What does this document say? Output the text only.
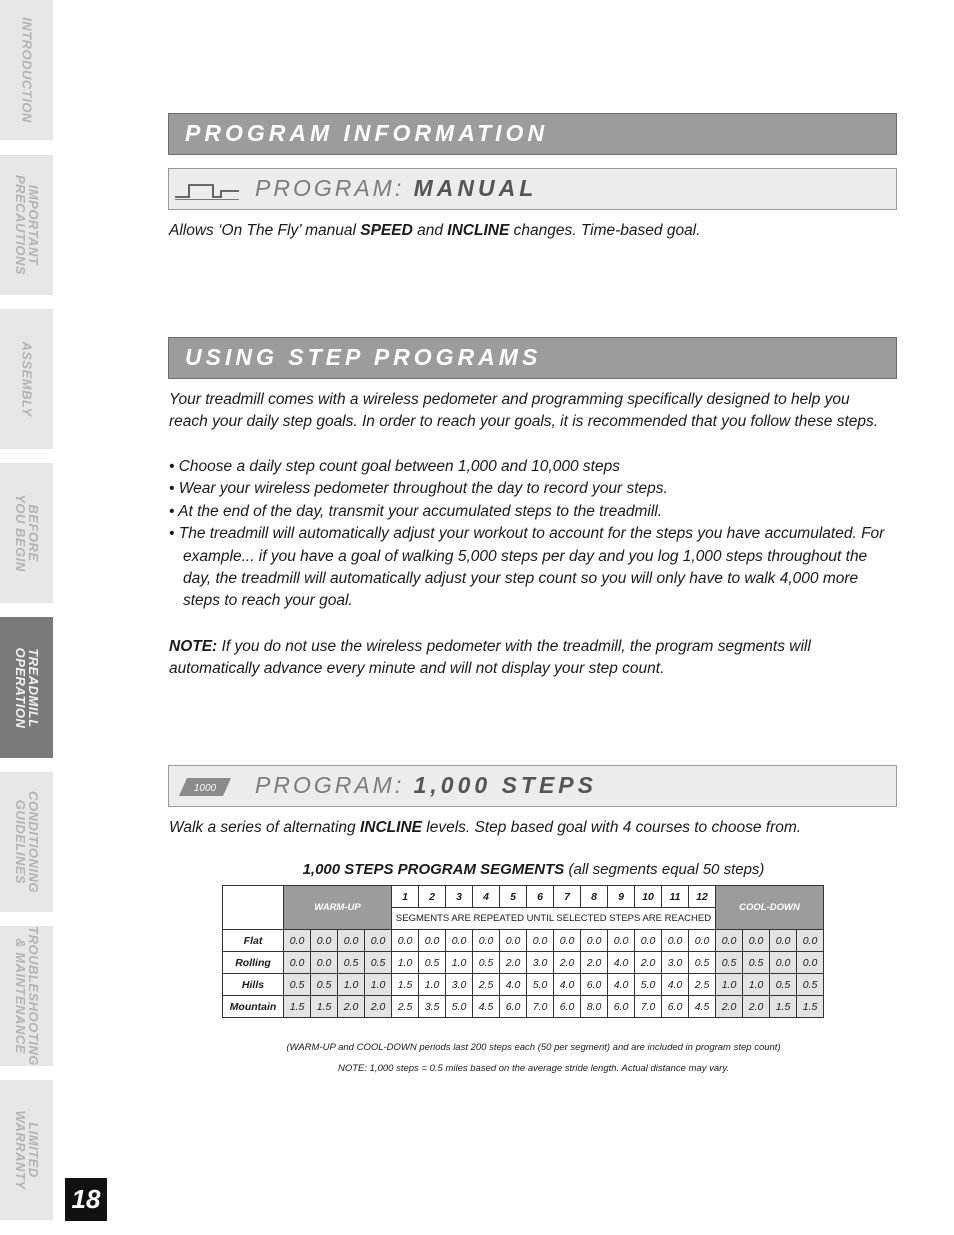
INTRODUCTION
IMPORTANT
PRECAUTIONS
ASSEMBLY
BEFORE
YOU BEGIN
TREADMILL
OPERATION
CONDITIONING
GUIDELINES
TROUBLESHOOTING
& MAINTENANCE
LIMITED
WARRANTY
18
PROGRAM INFORMATION
PROGRAM: MANUAL
Allows ‘On The Fly’ manual SPEED and INCLINE changes. Time-based goal.
USING STEP PROGRAMS
Your treadmill comes with a wireless pedometer and programming specifically designed to help you reach your daily step goals. In order to reach your goals, it is recommended that you follow these steps.
• Choose a daily step count goal between 1,000 and 10,000 steps
• Wear your wireless pedometer throughout the day to record your steps.
• At the end of the day, transmit your accumulated steps to the treadmill.
• The treadmill will automatically adjust your workout to account for the steps you have accumulated. For example... if you have a goal of walking 5,000 steps per day and you log 1,000 steps throughout the day, the treadmill will automatically adjust your step count so you will only have to walk 4,000 more steps to reach your goal.
NOTE: If you do not use the wireless pedometer with the treadmill, the program segments will automatically advance every minute and will not display your step count.
1000 PROGRAM: 1,000 STEPS
Walk a series of alternating INCLINE levels. Step based goal with 4 courses to choose from.
1,000 STEPS PROGRAM SEGMENTS (all segments equal 50 steps)
	WARM-UP				1	2	3	4	5	6	7	8	9	10	11	12	COOL-DOWN			
					SEGMENTS ARE REPEATED UNTIL SELECTED STEPS ARE REACHED															
Flat	0.0	0.0	0.0	0.0	0.0	0.0	0.0	0.0	0.0	0.0	0.0	0.0	0.0	0.0	0.0	0.0	0.0	0.0	0.0	0.0
Rolling	0.0	0.0	0.5	0.5	1.0	0.5	1.0	0.5	2.0	3.0	2.0	2.0	4.0	2.0	3.0	0.5	0.5	0.5	0.0	0.0
Hills	0.5	0.5	1.0	1.0	1.5	1.0	3.0	2.5	4.0	5.0	4.0	6.0	4.0	5.0	4.0	2.5	1.0	1.0	0.5	0.5
Mountain	1.5	1.5	2.0	2.0	2.5	3.5	5.0	4.5	6.0	7.0	6.0	8.0	6.0	7.0	6.0	4.5	2.0	2.0	1.5	1.5
(WARM-UP and COOL-DOWN periods last 200 steps each (50 per segment) and are included in program step count)
NOTE: 1,000 steps = 0.5 miles based on the average stride length. Actual distance may vary.
